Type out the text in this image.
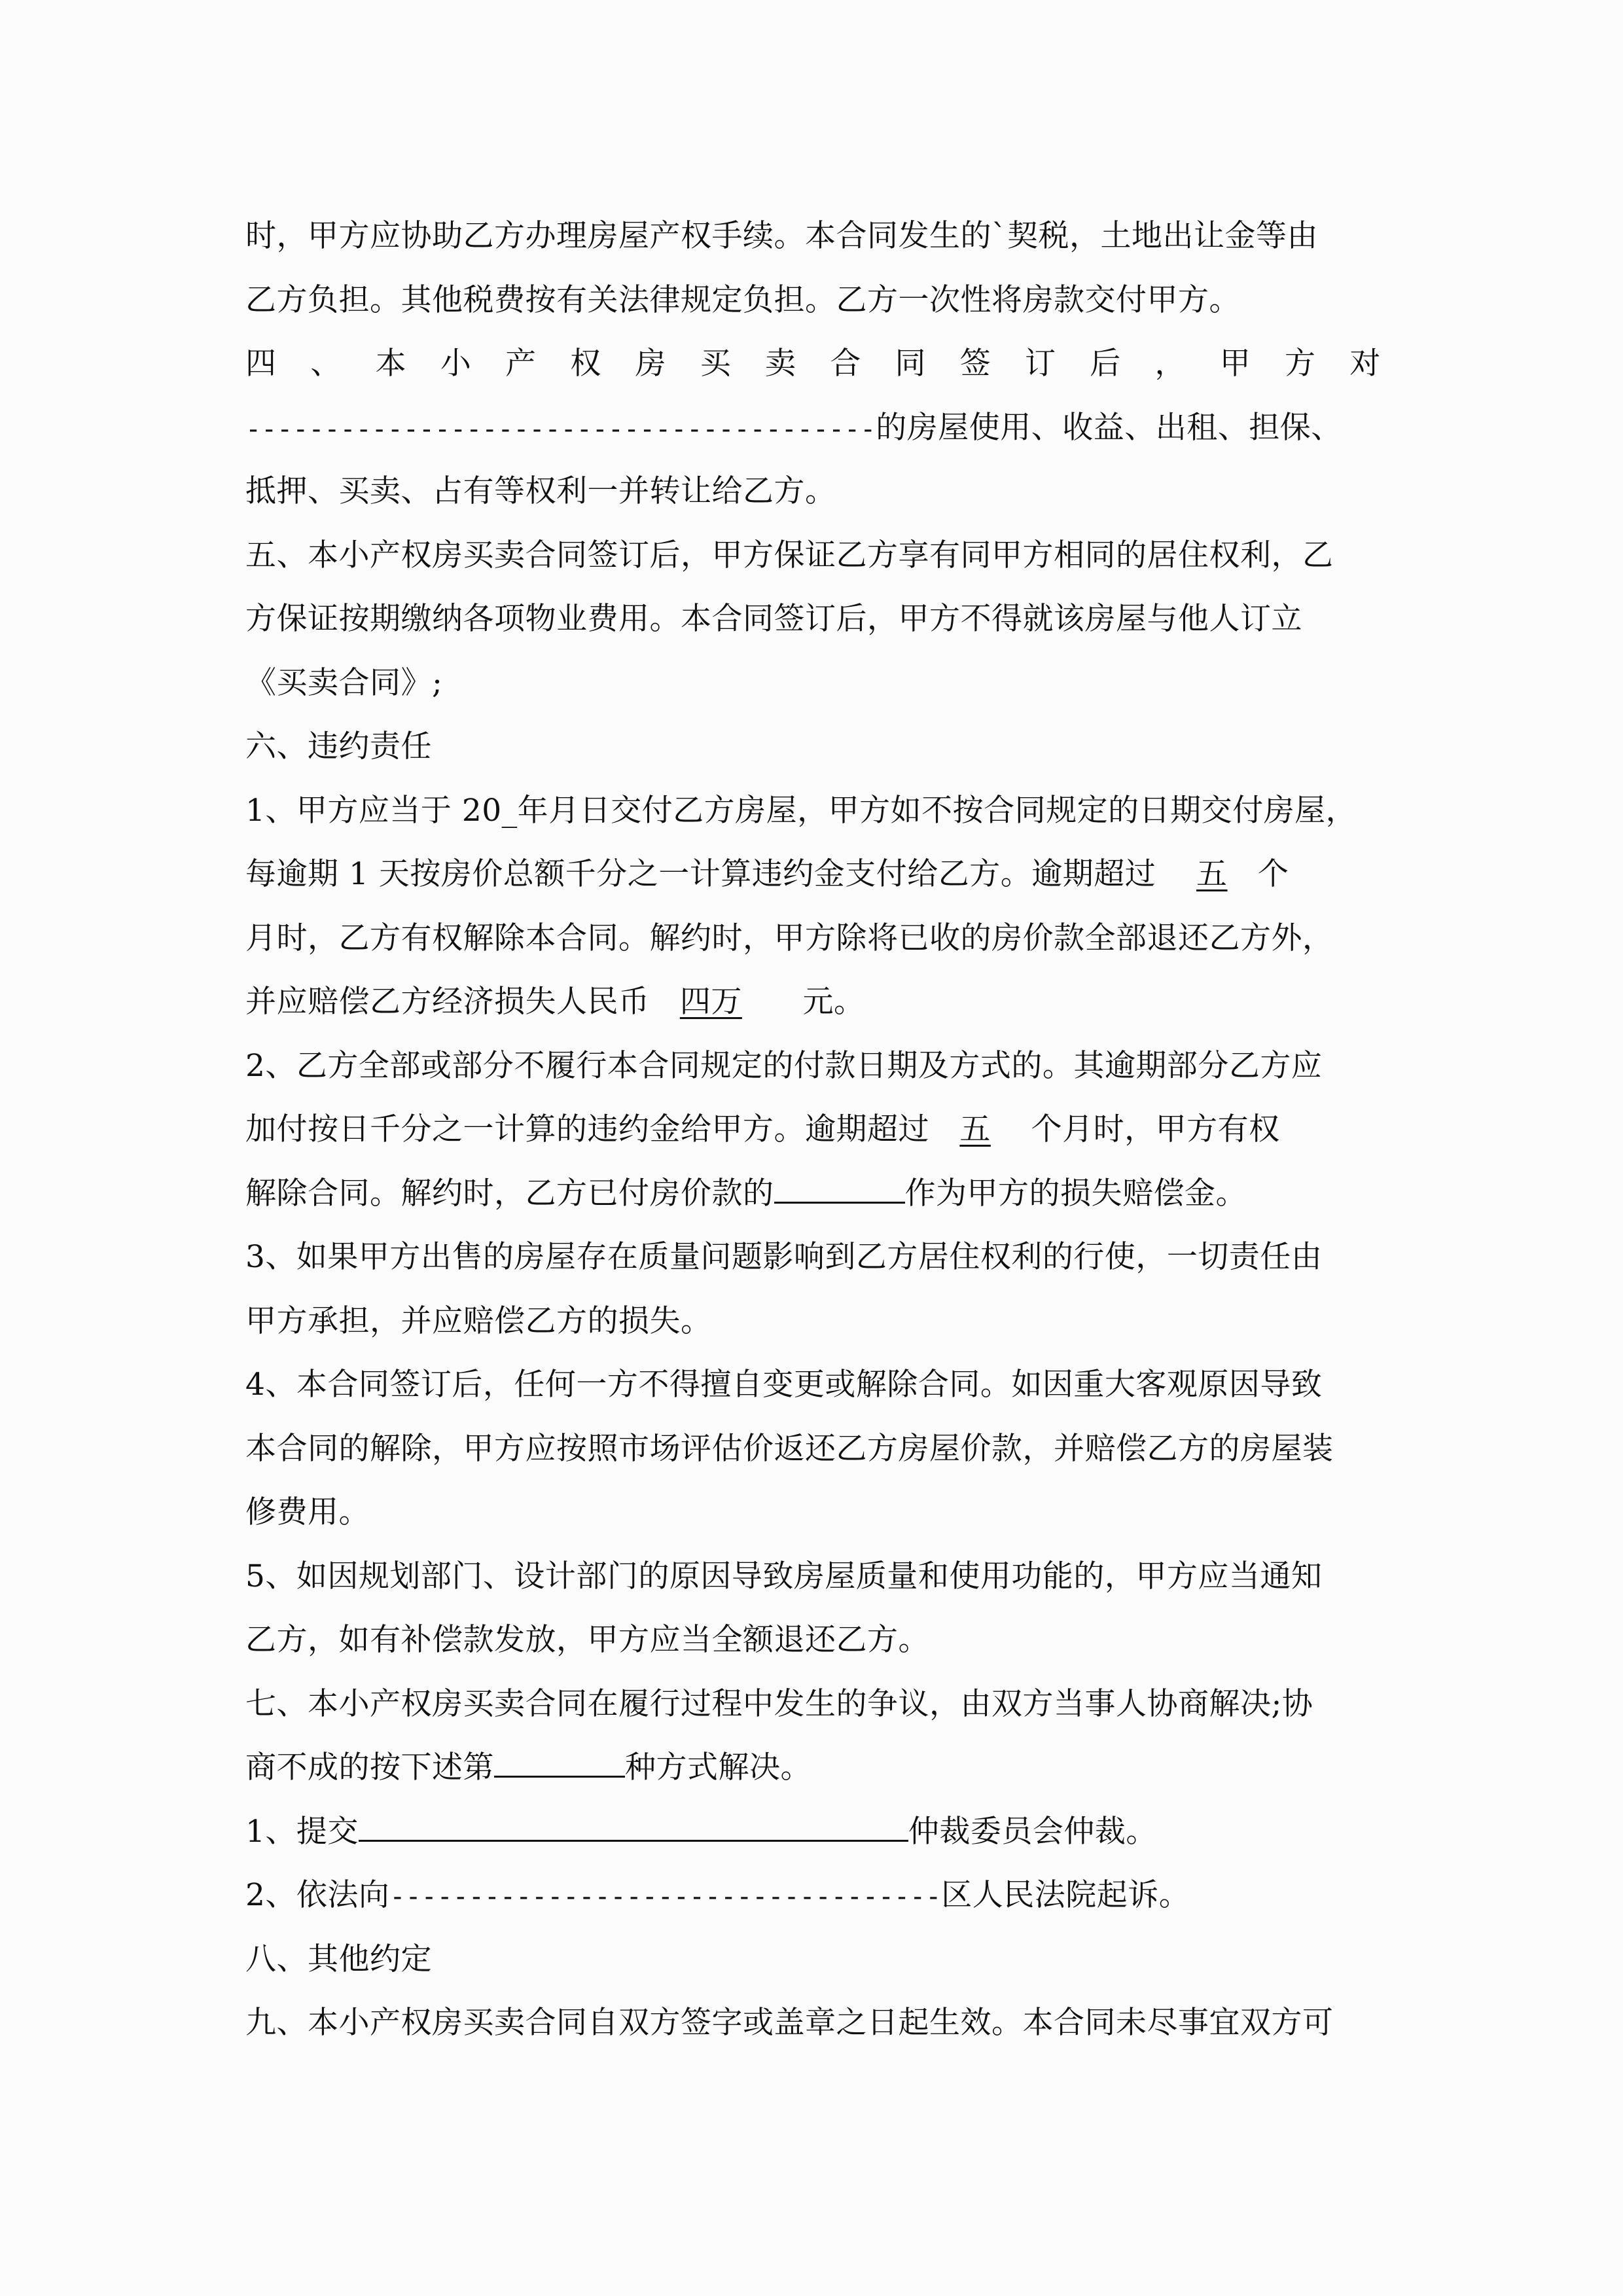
时，甲方应协助乙方办理房屋产权手续。本合同发生的`契税，土地出让金等由
乙方负担。其他税费按有关法律规定负担。乙方一次性将房款交付甲方。
四 、 本 小 产 权 房 买 卖 合 同 签 订 后 ， 甲 方 对
----------------------------------------的房屋使用、收益、出租、担保、
抵押、买卖、占有等权利一并转让给乙方。
五、本小产权房买卖合同签订后，甲方保证乙方享有同甲方相同的居住权利，乙
方保证按期缴纳各项物业费用。本合同签订后，甲方不得就该房屋与他人订立
《买卖合同》;
六、违约责任
1、甲方应当于 20_年月日交付乙方房屋，甲方如不按合同规定的日期交付房屋，
每逾期 1 天按房价总额千分之一计算违约金支付给乙方。逾期超过 五 个
月时，乙方有权解除本合同。解约时，甲方除将已收的房价款全部退还乙方外，
并应赔偿乙方经济损失人民币 四万 元。
2、乙方全部或部分不履行本合同规定的付款日期及方式的。其逾期部分乙方应
加付按日千分之一计算的违约金给甲方。逾期超过 五 个月时，甲方有权
解除合同。解约时，乙方已付房价款的	作为甲方的损失赔偿金。
3、如果甲方出售的房屋存在质量问题影响到乙方居住权利的行使，一切责任由
甲方承担，并应赔偿乙方的损失。
4、本合同签订后，任何一方不得擅自变更或解除合同。如因重大客观原因导致
本合同的解除，甲方应按照市场评估价返还乙方房屋价款，并赔偿乙方的房屋装
修费用。
5、如因规划部门、设计部门的原因导致房屋质量和使用功能的，甲方应当通知
乙方，如有补偿款发放，甲方应当全额退还乙方。
七、本小产权房买卖合同在履行过程中发生的争议，由双方当事人协商解决;协
商不成的按下述第	种方式解决。
1、提交	仲裁委员会仲裁。
2、依法向-----------------------------------区人民法院起诉。
八、其他约定
九、本小产权房买卖合同自双方签字或盖章之日起生效。本合同未尽事宜双方可
